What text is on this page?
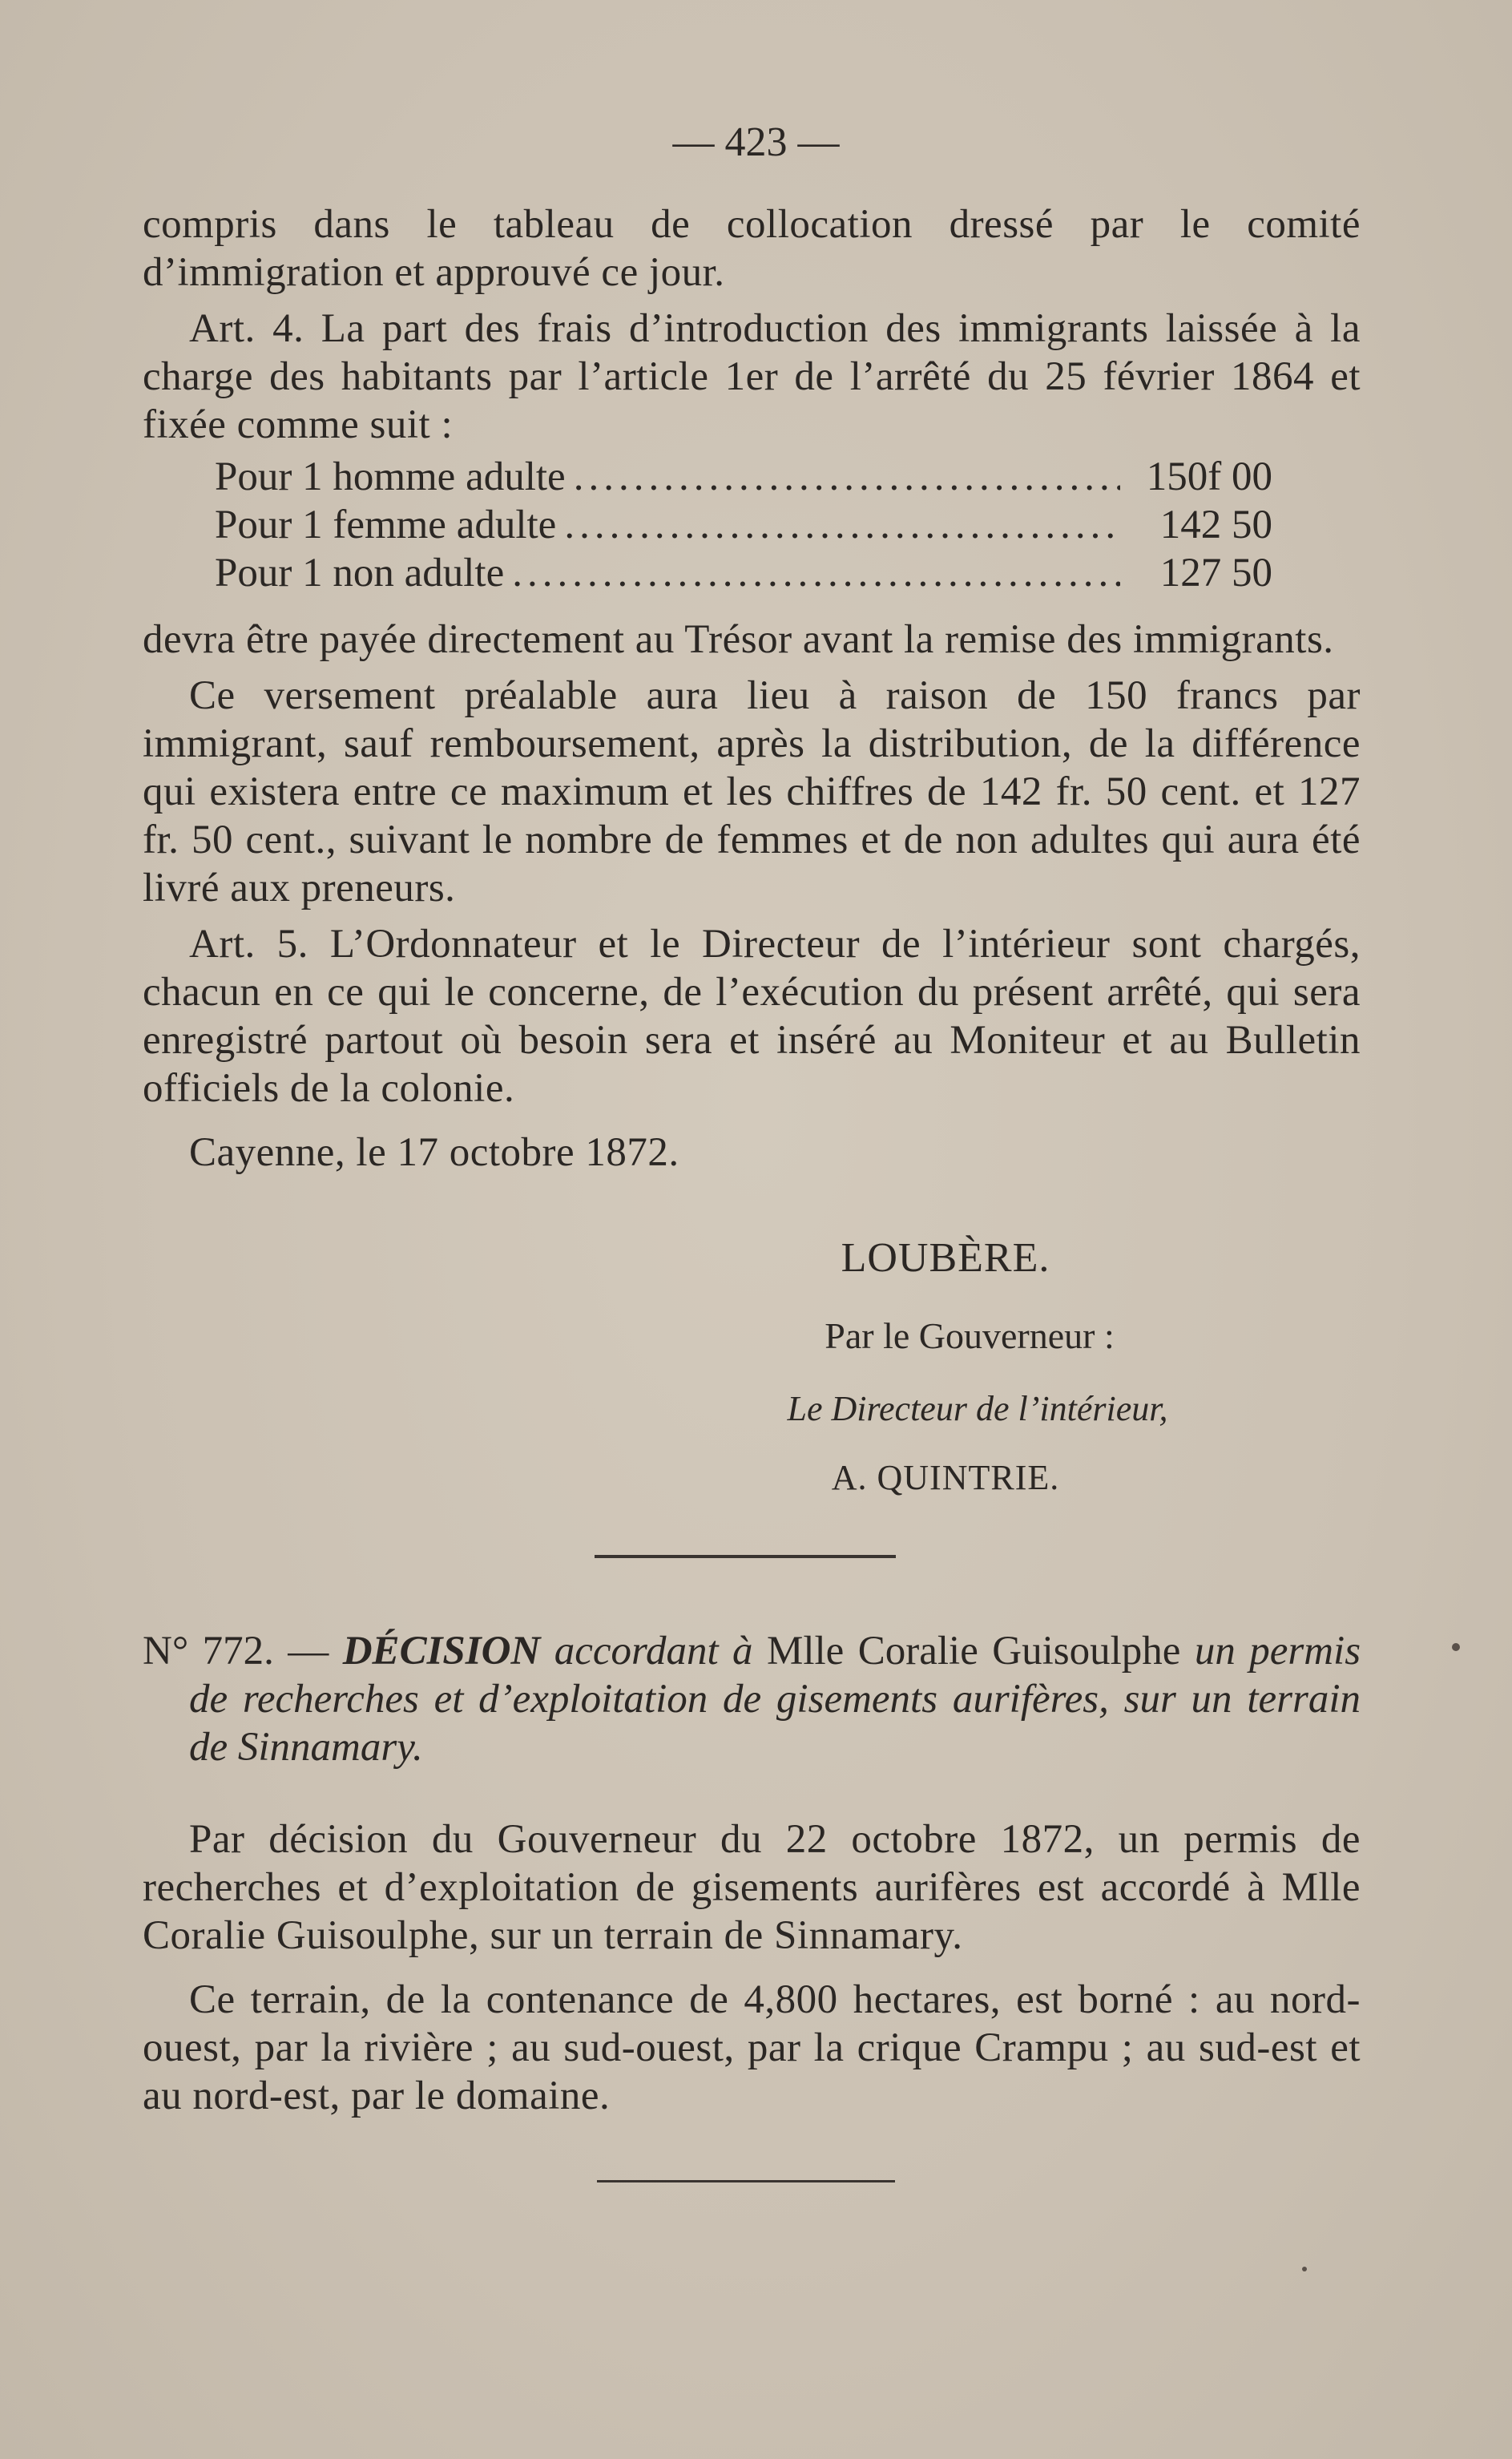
— 423 —

compris dans le tableau de collocation dressé par le comité d’immigration et approuvé ce jour.

Art. 4. La part des frais d’introduction des immigrants laissée à la charge des habitants par l’article 1er de l’arrêté du 25 février 1864 et fixée comme suit :

Pour 1 homme adulte .....	150f 00
Pour 1 femme adulte .....	142 50
Pour 1 non adulte .....	127 50

devra être payée directement au Trésor avant la remise des immigrants.

Ce versement préalable aura lieu à raison de 150 francs par immigrant, sauf remboursement, après la distribution, de la différence qui existera entre ce maximum et les chiffres de 142 fr. 50 cent. et 127 fr. 50 cent., suivant le nombre de femmes et de non adultes qui aura été livré aux preneurs.

Art. 5. L’Ordonnateur et le Directeur de l’intérieur sont chargés, chacun en ce qui le concerne, de l’exécution du présent arrêté, qui sera enregistré partout où besoin sera et inséré au Moniteur et au Bulletin officiels de la colonie.

Cayenne, le 17 octobre 1872.

LOUBÈRE.
Par le Gouverneur :
Le Directeur de l’intérieur,
A. QUINTRIE.

N° 772. — DÉCISION accordant à Mlle Coralie Guisoulphe un permis de recherches et d’exploitation de gisements aurifères, sur un terrain de Sinnamary.

Par décision du Gouverneur du 22 octobre 1872, un permis de recherches et d’exploitation de gisements aurifères est accordé à Mlle Coralie Guisoulphe, sur un terrain de Sinnamary.

Ce terrain, de la contenance de 4,800 hectares, est borné : au nord-ouest, par la rivière ; au sud-ouest, par la crique Crampu ; au sud-est et au nord-est, par le domaine.
